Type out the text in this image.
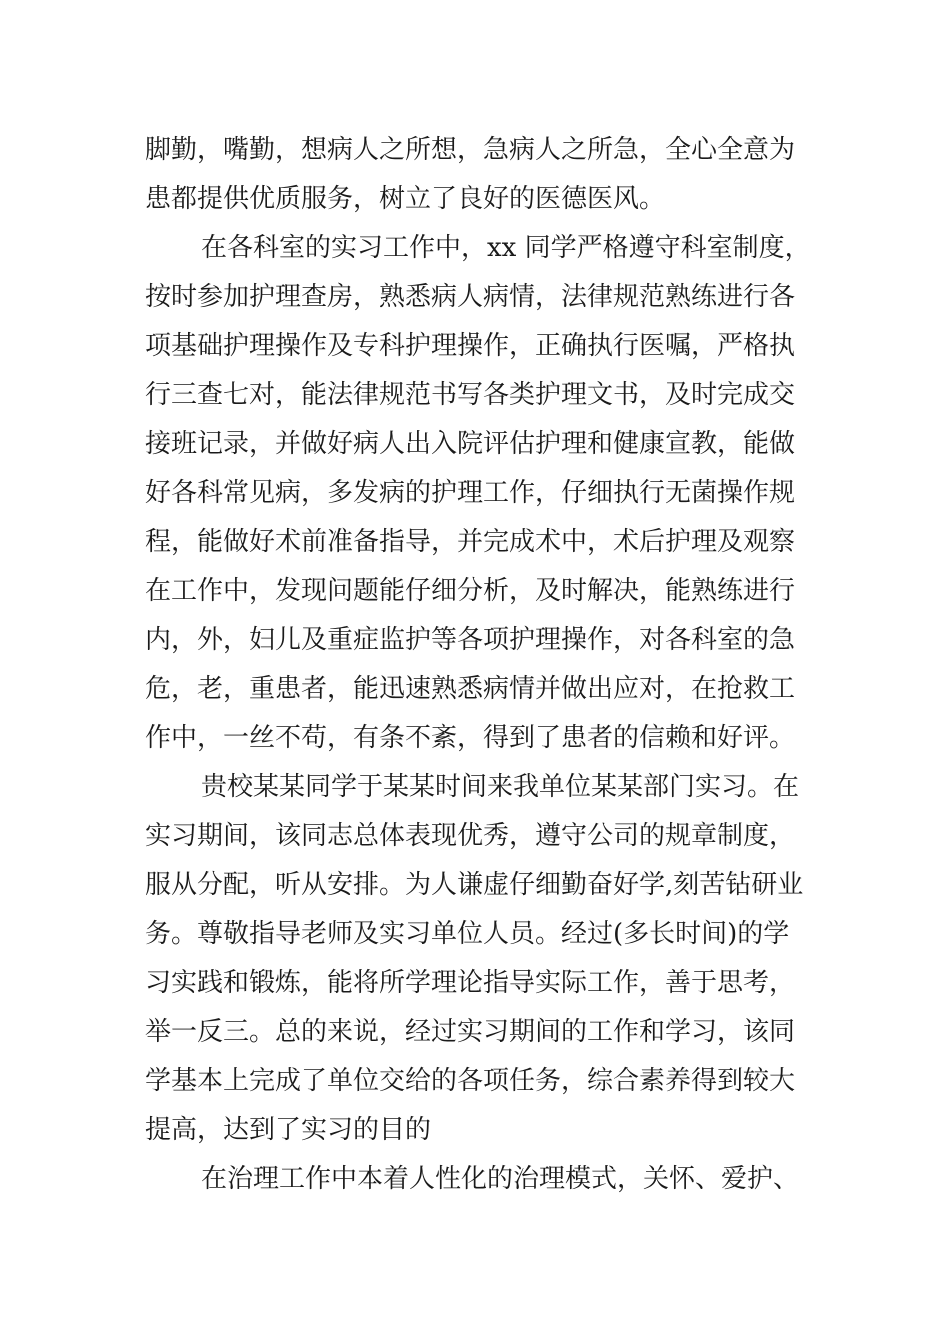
脚勤，嘴勤，想病人之所想，急病人之所急，全心全意为
患都提供优质服务，树立了良好的医德医风。
在各科室的实习工作中，xx 同学严格遵守科室制度，
按时参加护理查房，熟悉病人病情，法律规范熟练进行各
项基础护理操作及专科护理操作，正确执行医嘱，严格执
行三查七对，能法律规范书写各类护理文书，及时完成交
接班记录，并做好病人出入院评估护理和健康宣教，能做
好各科常见病，多发病的护理工作，仔细执行无菌操作规
程，能做好术前准备指导，并完成术中，术后护理及观察
在工作中，发现问题能仔细分析，及时解决，能熟练进行
内，外，妇儿及重症监护等各项护理操作，对各科室的急
危，老，重患者，能迅速熟悉病情并做出应对，在抢救工
作中，一丝不苟，有条不紊，得到了患者的信赖和好评。
贵校某某同学于某某时间来我单位某某部门实习。在
实习期间，该同志总体表现优秀，遵守公司的规章制度，
服从分配，听从安排。为人谦虚仔细勤奋好学,刻苦钻研业
务。尊敬指导老师及实习单位人员。经过(多长时间)的学
习实践和锻炼，能将所学理论指导实际工作，善于思考，
举一反三。总的来说，经过实习期间的工作和学习，该同
学基本上完成了单位交给的各项任务，综合素养得到较大
提高，达到了实习的目的
在治理工作中本着人性化的治理模式，关怀、爱护、
